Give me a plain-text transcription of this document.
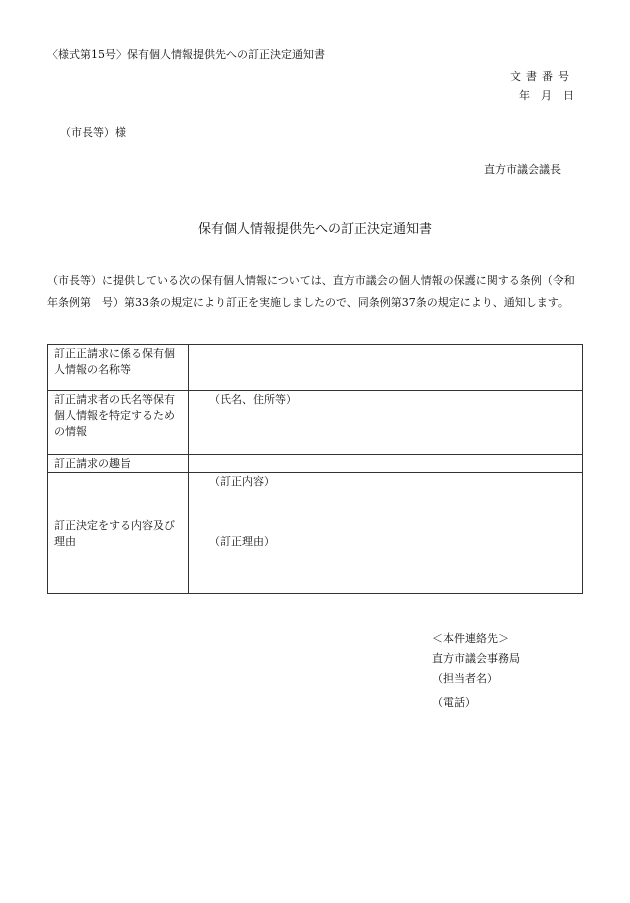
〈様式第15号〉保有個人情報提供先への訂正決定通知書
文書番号
年　月　日
（市長等）様
直方市議会議長
保有個人情報提供先への訂正決定通知書
（市長等）に提供している次の保有個人情報については、直方市議会の個人情報の保護に関する条例（令和　年条例第　号）第33条の規定により訂正を実施しましたので、同条例第37条の規定により、通知します。
訂正正請求に係る保有個人情報の名称等	
訂正請求者の氏名等保有個人情報を特定するための情報	（氏名、住所等）

訂正請求の趣旨	
訂正決定をする内容及び理由	（訂正内容）
（訂正理由）
＜本件連絡先＞
直方市議会事務局
（担当者名）
（電話）
